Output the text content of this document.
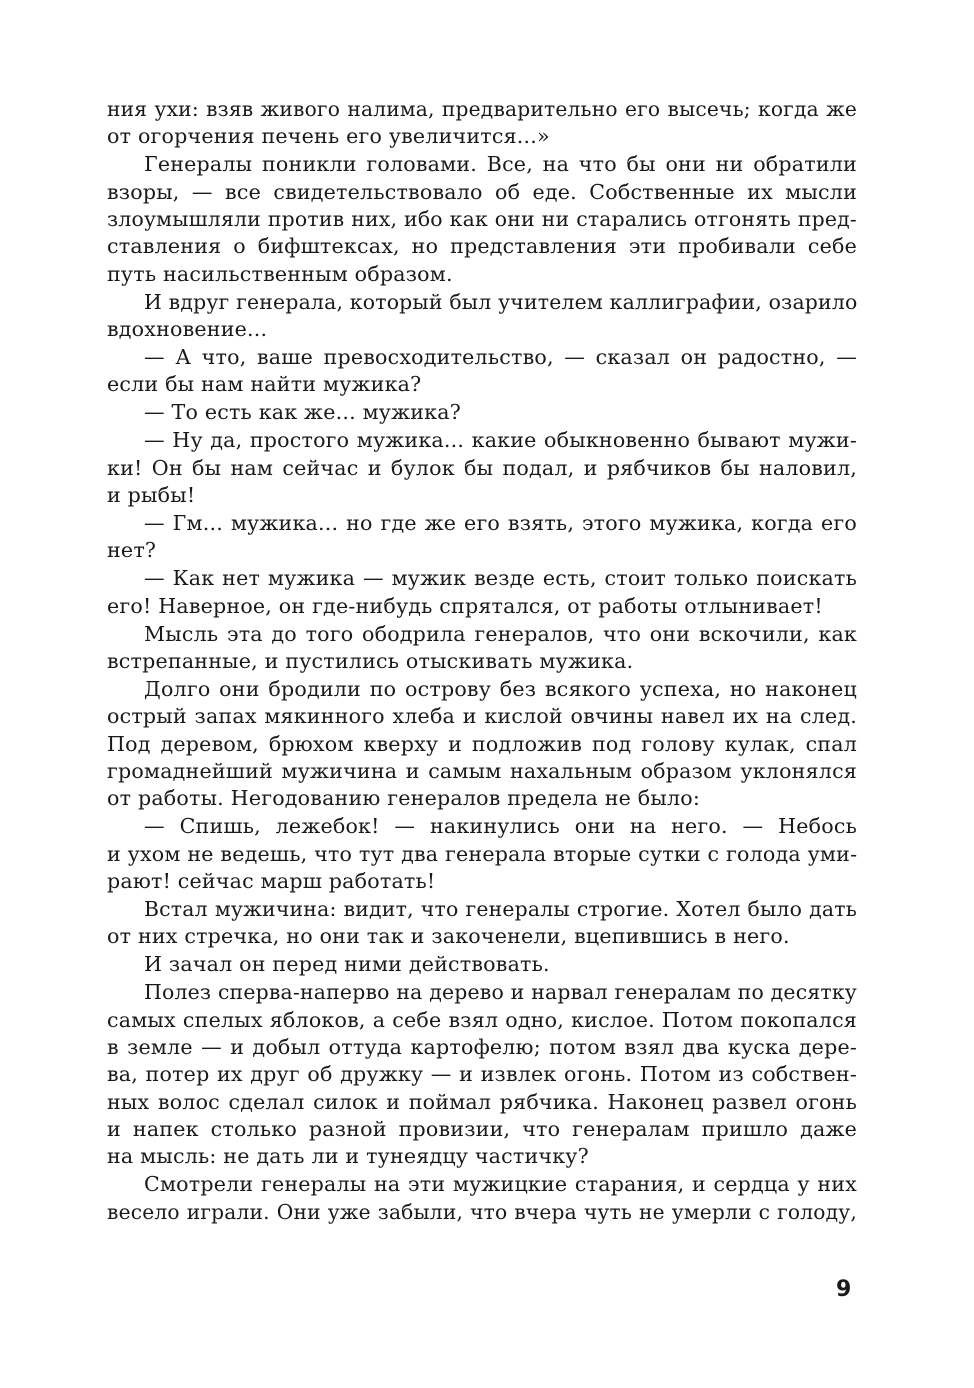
ния ухи: взяв живого налима, предварительно его высечь; когда же
от огорчения печень его увеличится...»
Генералы поникли головами. Все, на что бы они ни обратили
взоры, — все свидетельствовало об еде. Собственные их мысли
злоумышляли против них, ибо как они ни старались отгонять пред-
ставления о бифштексах, но представления эти пробивали себе
путь насильственным образом.
И вдруг генерала, который был учителем каллиграфии, озарило
вдохновение...
— А что, ваше превосходительство, — сказал он радостно, —
если бы нам найти мужика?
— То есть как же... мужика?
— Ну да, простого мужика... какие обыкновенно бывают мужи-
ки! Он бы нам сейчас и булок бы подал, и рябчиков бы наловил,
и рыбы!
— Гм... мужика... но где же его взять, этого мужика, когда его
нет?
— Как нет мужика — мужик везде есть, стоит только поискать
его! Наверное, он где-нибудь спрятался, от работы отлынивает!
Мысль эта до того ободрила генералов, что они вскочили, как
встрепанные, и пустились отыскивать мужика.
Долго они бродили по острову без всякого успеха, но наконец
острый запах мякинного хлеба и кислой овчины навел их на след.
Под деревом, брюхом кверху и подложив под голову кулак, спал
громаднейший мужичина и самым нахальным образом уклонялся
от работы. Негодованию генералов предела не было:
— Спишь, лежебок! — накинулись они на него. — Небось
и ухом не ведешь, что тут два генерала вторые сутки с голода уми-
рают! сейчас марш работать!
Встал мужичина: видит, что генералы строгие. Хотел было дать
от них стречка, но они так и закоченели, вцепившись в него.
И зачал он перед ними действовать.
Полез сперва-наперво на дерево и нарвал генералам по десятку
самых спелых яблоков, а себе взял одно, кислое. Потом покопался
в земле — и добыл оттуда картофелю; потом взял два куска дере-
ва, потер их друг об дружку — и извлек огонь. Потом из собствен-
ных волос сделал силок и поймал рябчика. Наконец развел огонь
и напек столько разной провизии, что генералам пришло даже
на мысль: не дать ли и тунеядцу частичку?
Смотрели генералы на эти мужицкие старания, и сердца у них
весело играли. Они уже забыли, что вчера чуть не умерли с голоду,
9
